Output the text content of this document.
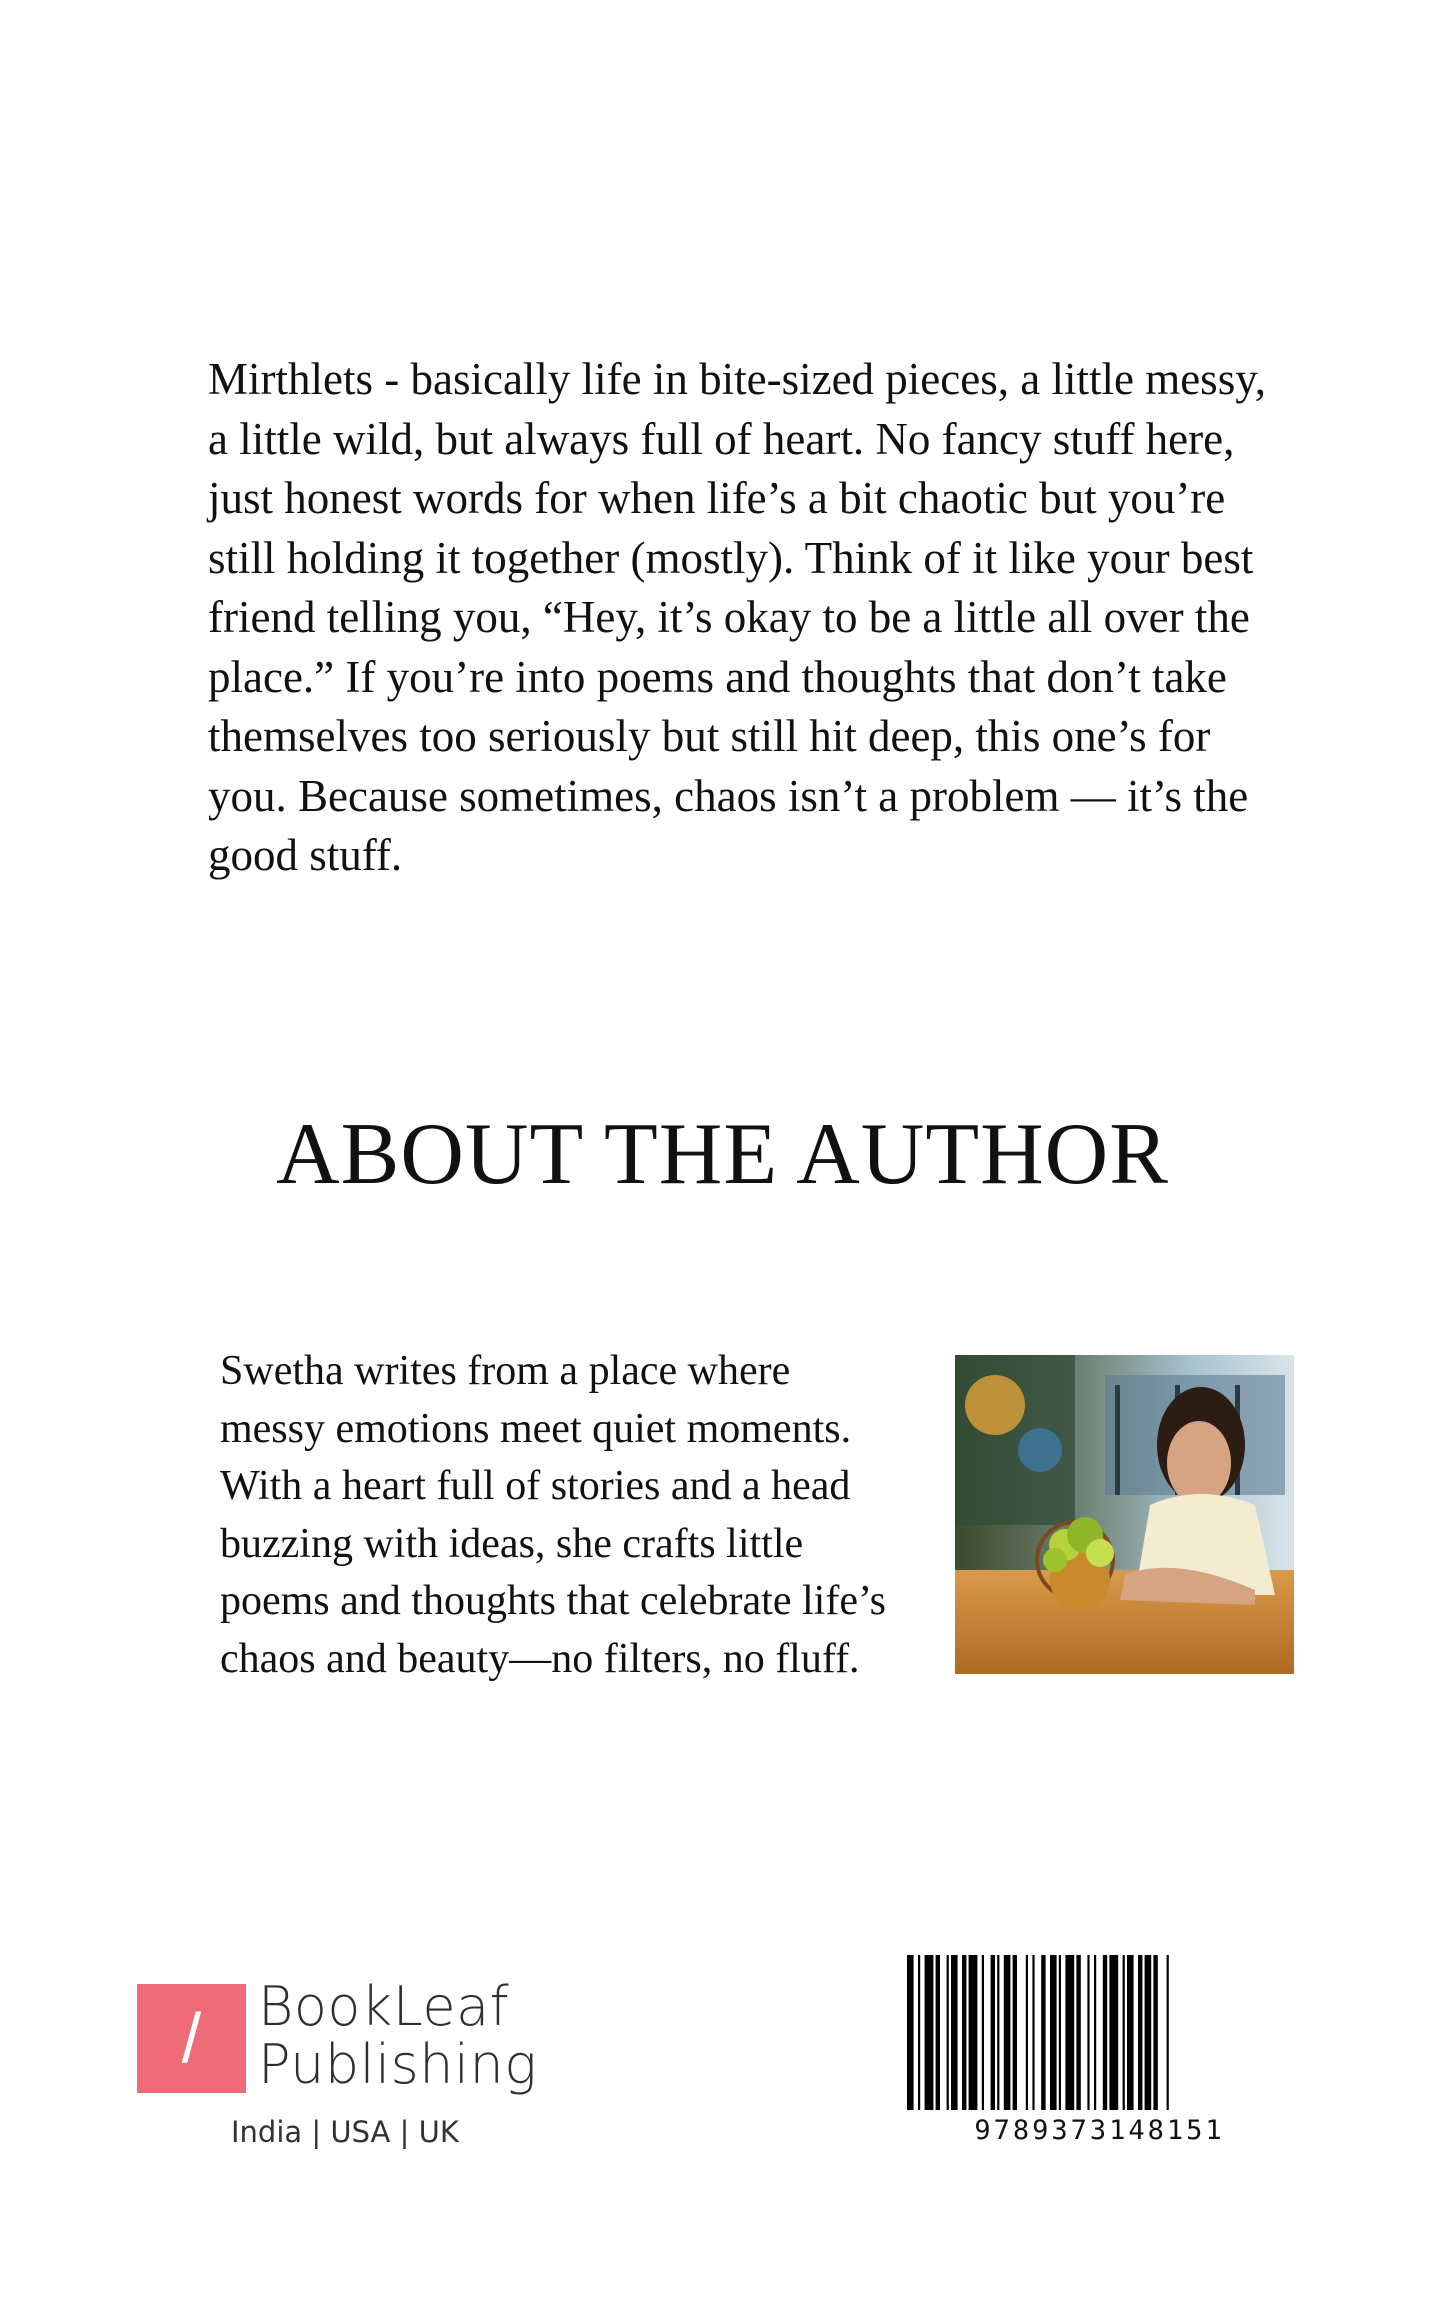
Mirthlets - basically life in bite-sized pieces, a little messy, a little wild, but always full of heart. No fancy stuff here, just honest words for when life’s a bit chaotic but you’re still holding it together (mostly). Think of it like your best friend telling you, “Hey, it’s okay to be a little all over the place.” If you’re into poems and thoughts that don’t take themselves too seriously but still hit deep, this one’s for you. Because sometimes, chaos isn’t a problem — it’s the good stuff.

ABOUT THE AUTHOR

Swetha writes from a place where messy emotions meet quiet moments. With a heart full of stories and a head buzzing with ideas, she crafts little poems and thoughts that celebrate life’s chaos and beauty—no filters, no fluff.

/	BookLeaf
Publishing
India | USA | UK	9789373148151
